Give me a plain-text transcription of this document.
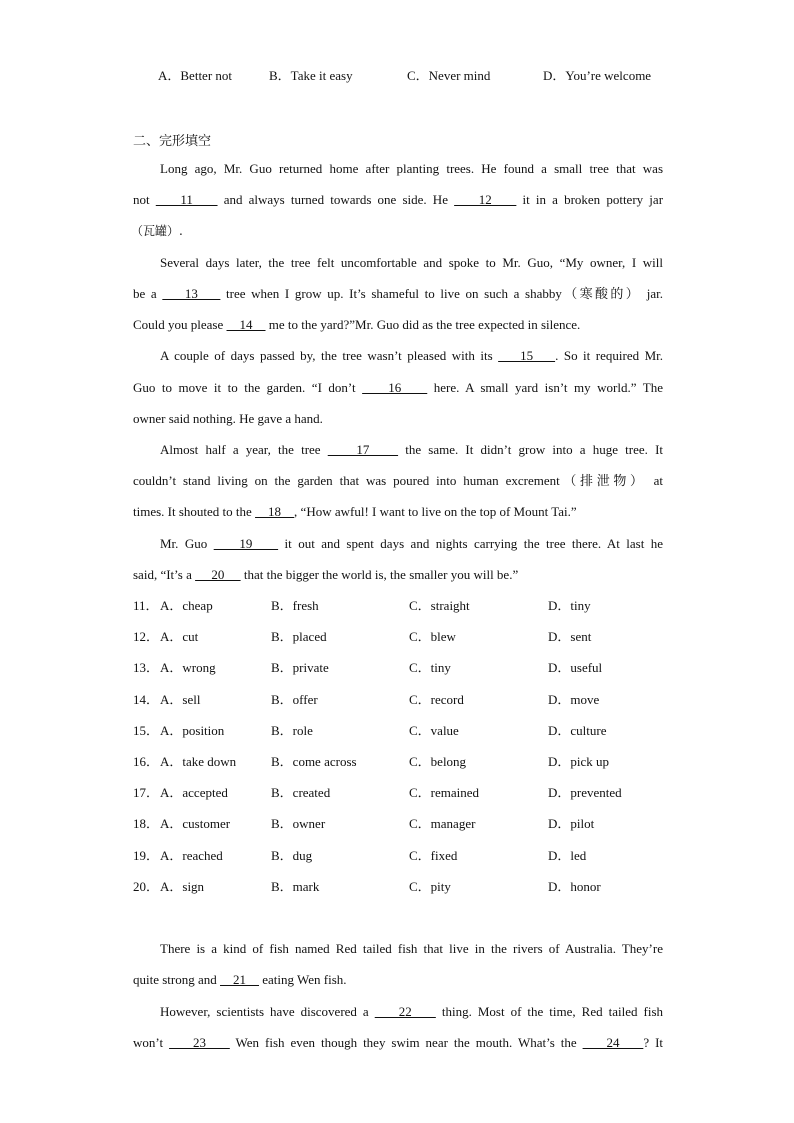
A．Better not	B．Take it easy	C．Never mind	D．You’re welcome
二、完形填空
Long ago, Mr. Guo returned home after planting trees. He found a small tree that was
not     11     and always turned towards one side. He     12     it in a broken pottery jar
（瓦罐）.
Several days later, the tree felt uncomfortable and spoke to Mr. Guo, “My owner, I will
be a     13     tree when I grow up. It’s shameful to live on such a shabby（寒酸的） jar.
Could you please     14     me to the yard?”Mr. Guo did as the tree expected in silence.
A couple of days passed by, the tree wasn’t pleased with its     15    . So it required Mr.
Guo to move it to the garden. “I don’t     16     here. A small yard isn’t my world.” The
owner said nothing. He gave a hand.
Almost half a year, the tree     17     the same. It didn’t grow into a huge tree. It
couldn’t stand living on the garden that was poured into human excrement（排泄物） at
times. It shouted to the     18    , “How awful! I want to live on the top of Mount Tai.”
Mr. Guo     19     it out and spent days and nights carrying the tree there. At last he
said, “It’s a      20      that the bigger the world is, the smaller you will be.”
11． A．cheap	B．fresh	C．straight	D．tiny
12． A．cut	B．placed	C．blew	D．sent
13． A．wrong	B．private	C．tiny	D．useful
14． A．sell	B．offer	C．record	D．move
15． A．position	B．role	C．value	D．culture
16． A．take down	B．come across	C．belong	D．pick up
17． A．accepted	B．created	C．remained	D．prevented
18． A．customer	B．owner	C．manager	D．pilot
19． A．reached	B．dug	C．fixed	D．led
20． A．sign	B．mark	C．pity	D．honor
There is a kind of fish named Red tailed fish that live in the rivers of Australia. They’re
quite strong and     21     eating Wen fish.
However, scientists have discovered a     22     thing. Most of the time, Red tailed fish
won’t     23     Wen fish even though they swim near the mouth. What’s the     24    ? It
